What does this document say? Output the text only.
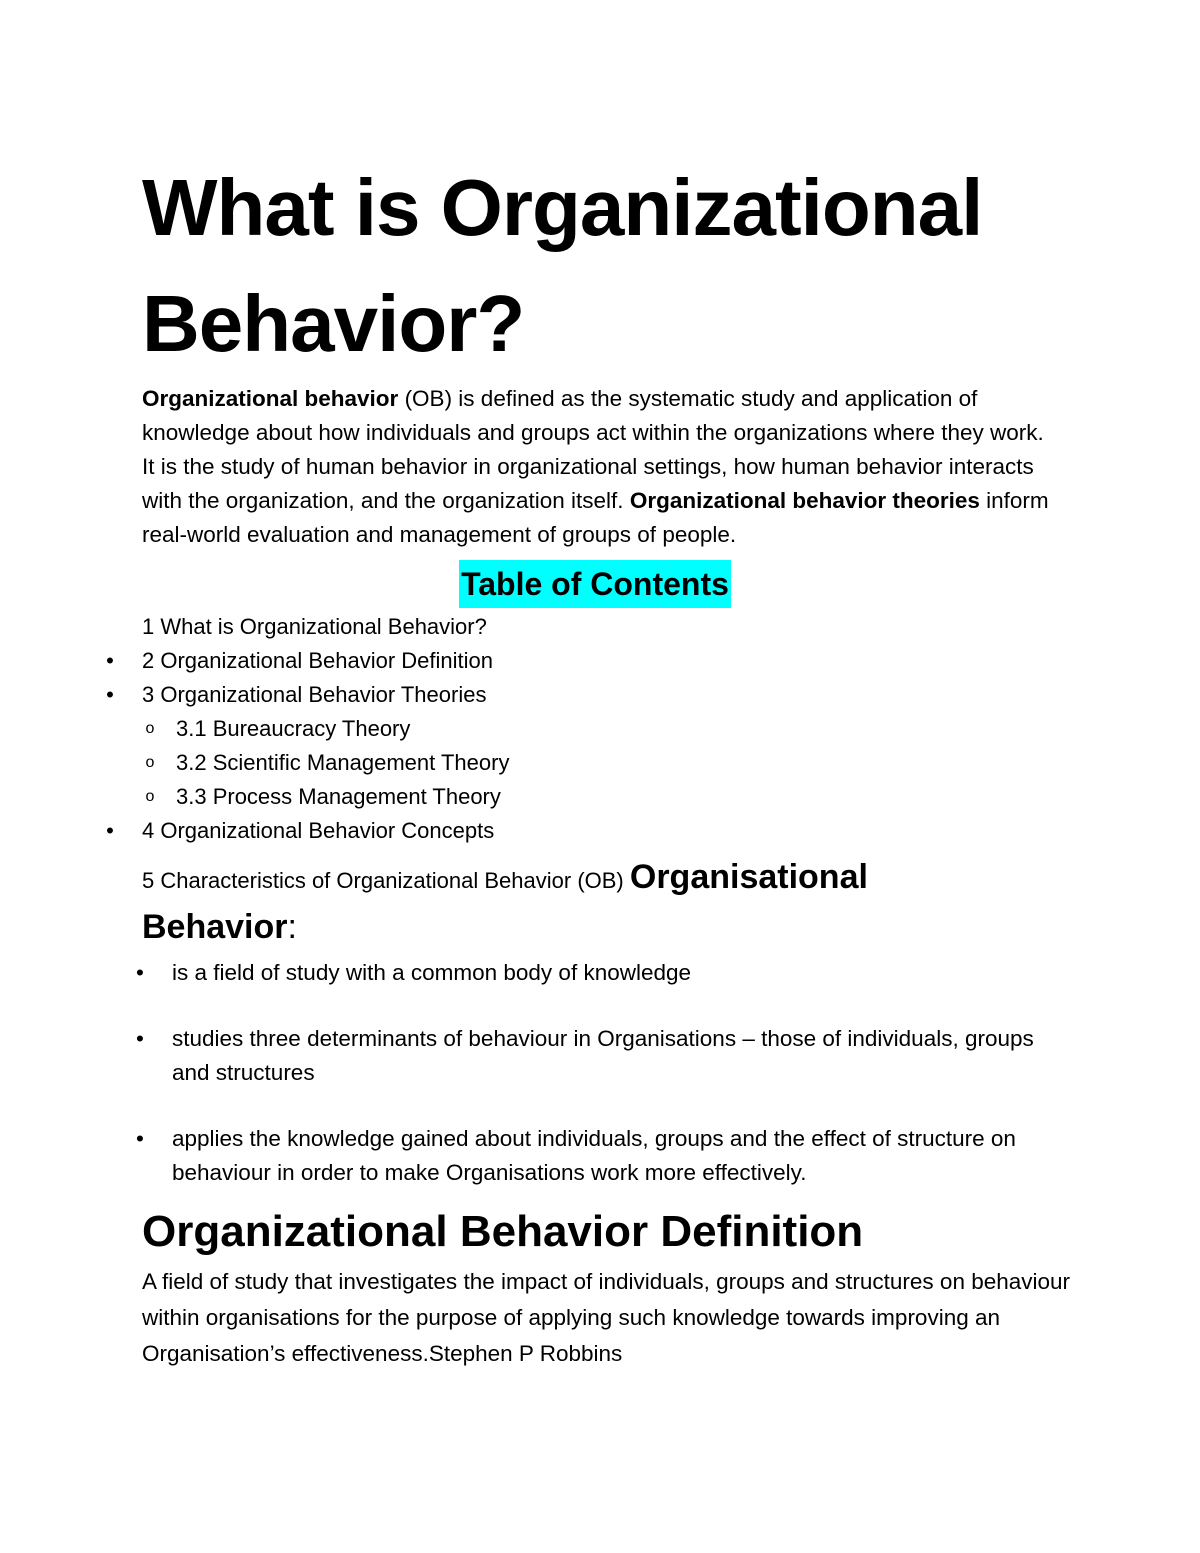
What is Organizational
Behavior?

Organizational behavior (OB) is defined as the systematic study and application of knowledge about how individuals and groups act within the organizations where they work.

It is the study of human behavior in organizational settings, how human behavior interacts with the organization, and the organization itself. Organizational behavior theories inform real-world evaluation and management of groups of people.

Table of Contents
1 What is Organizational Behavior?
• 2 Organizational Behavior Definition
• 3 Organizational Behavior Theories
o 3.1 Bureaucracy Theory
o 3.2 Scientific Management Theory
o 3.3 Process Management Theory
• 4 Organizational Behavior Concepts

5 Characteristics of Organizational Behavior (OB) Organisational

Behavior:

• is a field of study with a common body of knowledge
• studies three determinants of behaviour in Organisations – those of individuals, groups and structures
• applies the knowledge gained about individuals, groups and the effect of structure on behaviour in order to make Organisations work more effectively.
Organizational Behavior Definition

A field of study that investigates the impact of individuals, groups and structures on behaviour within organisations for the purpose of applying such knowledge towards improving an Organisation’s effectiveness.Stephen P Robbins
